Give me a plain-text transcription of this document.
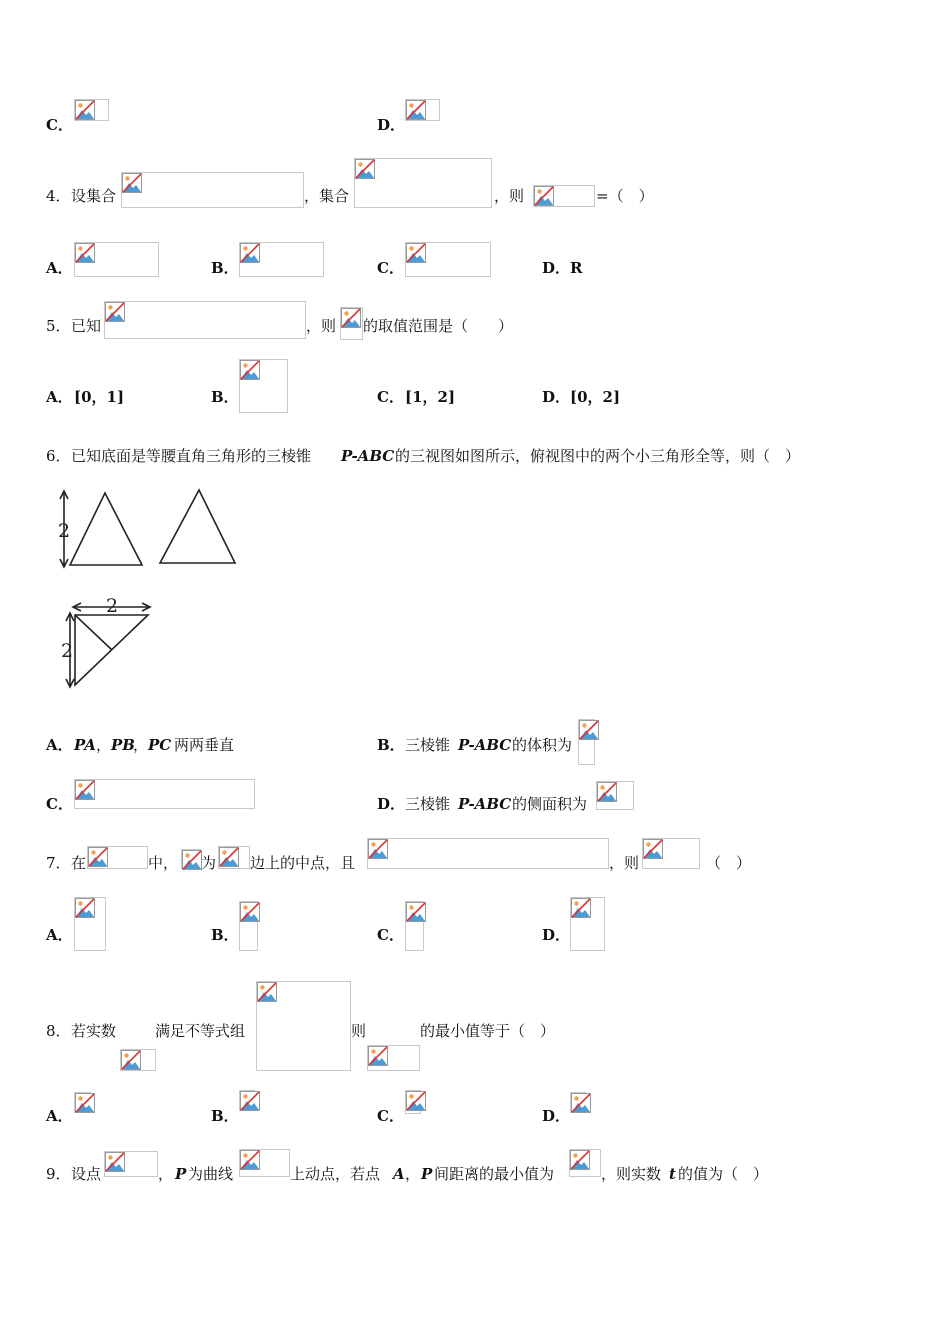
C．	D．
4． 设集合	，集合	，则	=（　）
A．	B．	C．	D． R
5． 已知	，则 的取值范围是（　　）
A． [0，1]	B．	C． [1，2]	D． [0，2]
6． 已知底面是等腰直角三角形的三棱锥 P-ABC 的三视图如图所示，俯视图中的两个小三角形全等，则（　）
2
2
2
A． PA ， PB
， PC 两两垂直	B． 三棱锥 P-ABC 的体积为
C．	D． 三棱锥 P-ABC 的侧面积为
7． 在	中， 为 边上的中点，且	，则	（　）
A．	B．	C．	D．
8． 若实数	满足不等式组	则	的最小值等于（　）
A．	B．	C．	D．
9． 设点	， P 为曲线	上动点，若点 A ， P 间距离的最小值为	，则实数 t 的值为（　）
